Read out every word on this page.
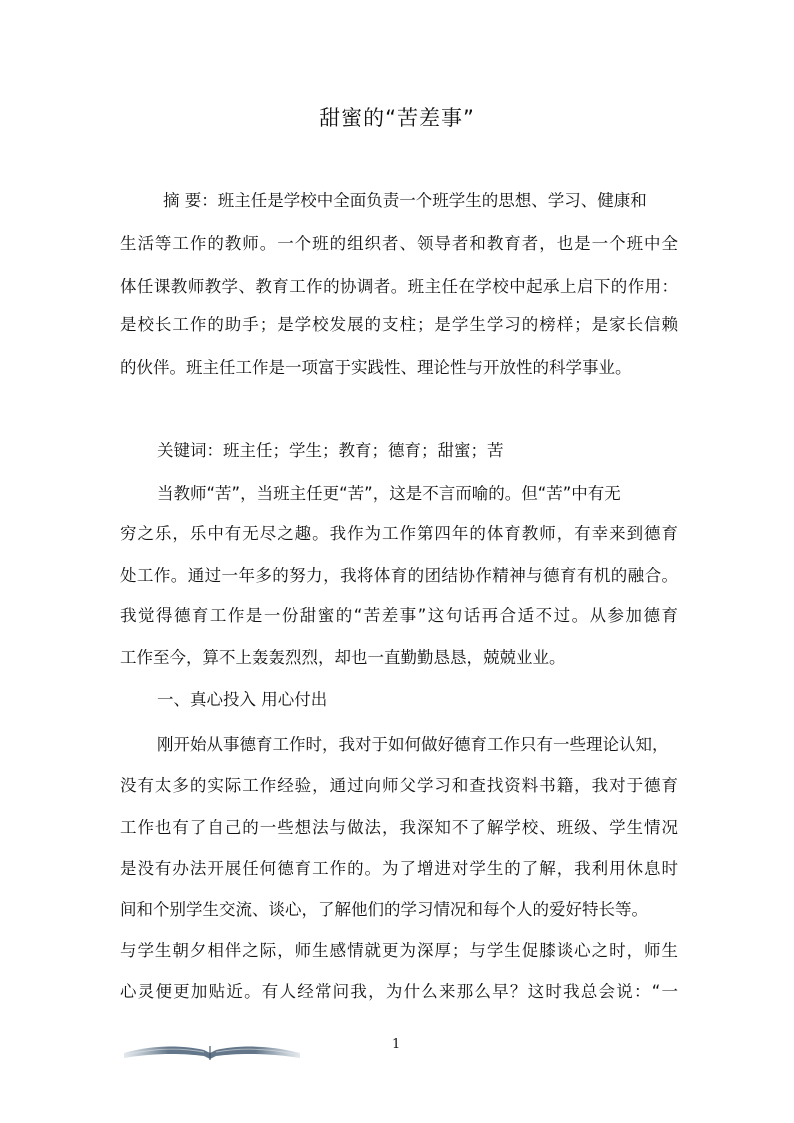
甜蜜的“苦差事”
摘 要：班主任是学校中全面负责一个班学生的思想、学习、健康和
生活等工作的教师。一个班的组织者、领导者和教育者，也是一个班中全
体任课教师教学、教育工作的协调者。班主任在学校中起承上启下的作用：
是校长工作的助手；是学校发展的支柱；是学生学习的榜样；是家长信赖
的伙伴。班主任工作是一项富于实践性、理论性与开放性的科学事业。
关键词：班主任；学生；教育；德育；甜蜜；苦
当教师“苦”，当班主任更“苦”，这是不言而喻的。但“苦”中有无
穷之乐，乐中有无尽之趣。我作为工作第四年的体育教师，有幸来到德育
处工作。通过一年多的努力，我将体育的团结协作精神与德育有机的融合。
我觉得德育工作是一份甜蜜的“苦差事”这句话再合适不过。从参加德育
工作至今，算不上轰轰烈烈，却也一直勤勤恳恳，兢兢业业。
一、真心投入 用心付出
刚开始从事德育工作时，我对于如何做好德育工作只有一些理论认知，
没有太多的实际工作经验，通过向师父学习和查找资料书籍，我对于德育
工作也有了自己的一些想法与做法，我深知不了解学校、班级、学生情况
是没有办法开展任何德育工作的。为了增进对学生的了解，我利用休息时
间和个别学生交流、谈心，了解他们的学习情况和每个人的爱好特长等。
与学生朝夕相伴之际，师生感情就更为深厚；与学生促膝谈心之时，师生
心灵便更加贴近。有人经常问我，为什么来那么早？这时我总会说：“一
1
